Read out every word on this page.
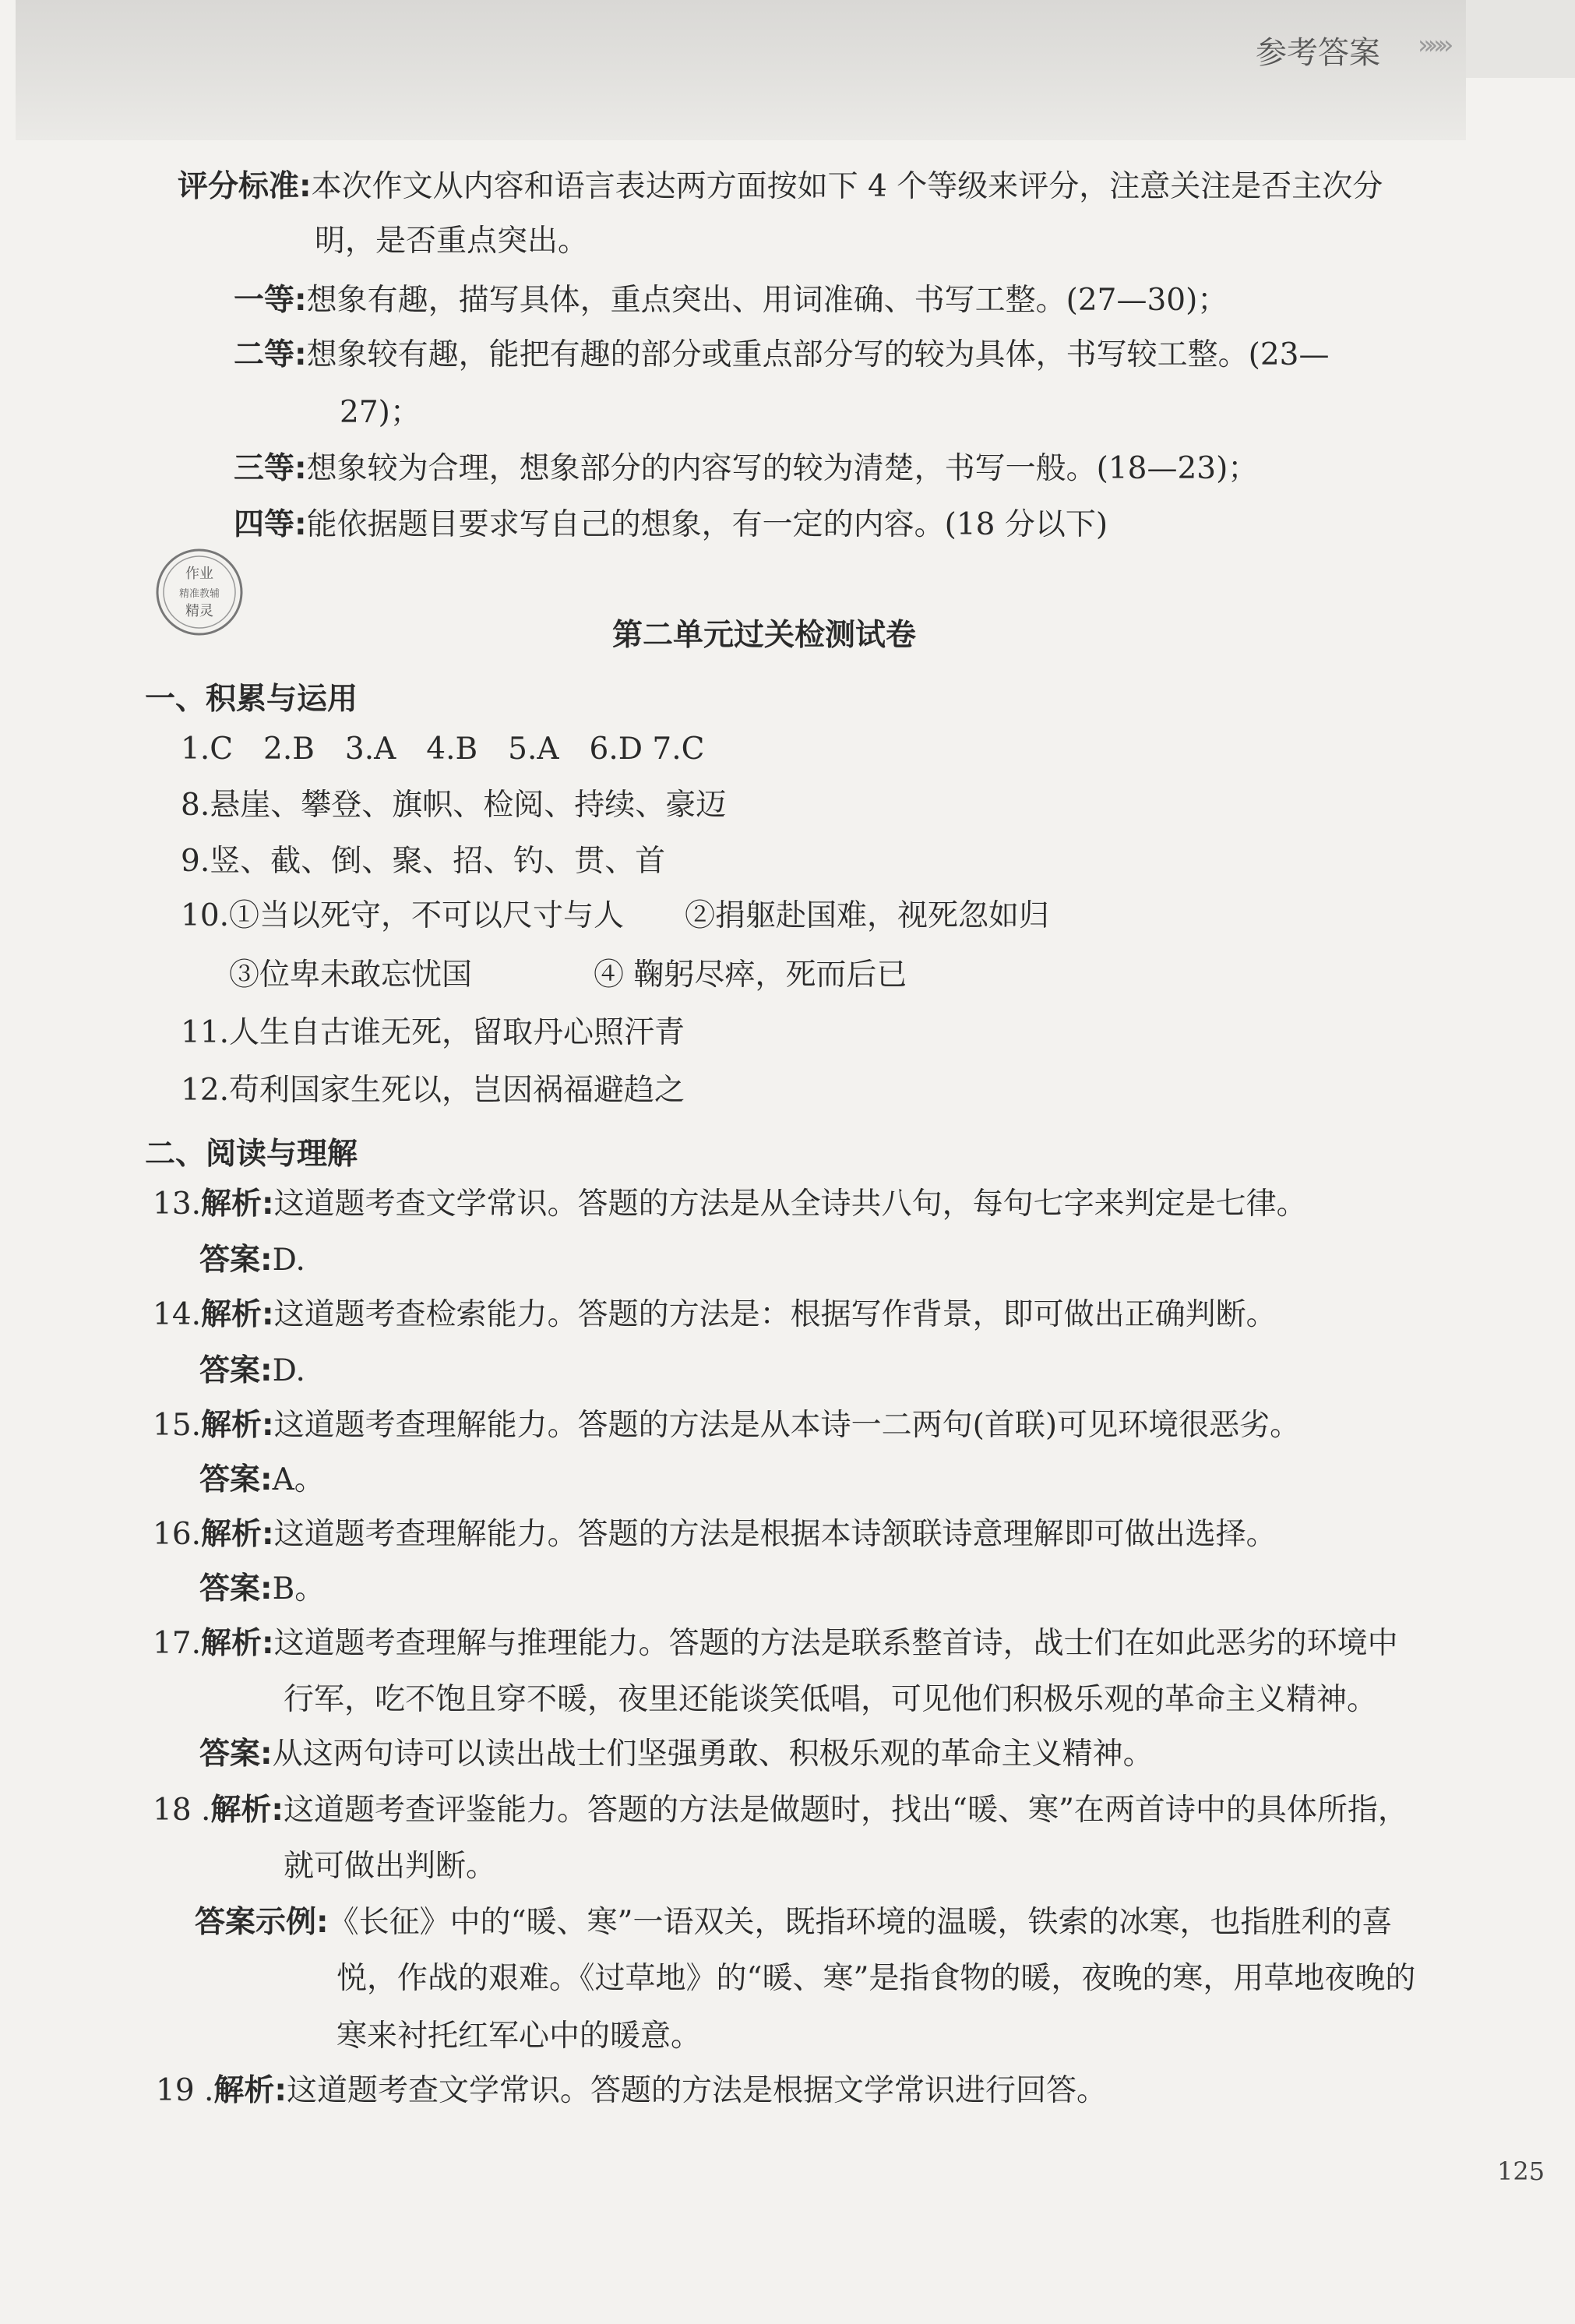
参考答案 »»»
评分标准:本次作文从内容和语言表达两方面按如下 4 个等级来评分，注意关注是否主次分
明，是否重点突出。
一等:想象有趣，描写具体，重点突出、用词准确、书写工整。(27—30)；
二等:想象较有趣，能把有趣的部分或重点部分写的较为具体，书写较工整。(23—
27)；
三等:想象较为合理，想象部分的内容写的较为清楚，书写一般。(18—23)；
四等:能依据题目要求写自己的想象，有一定的内容。(18 分以下)
作业
精准教辅
精灵
第二单元过关检测试卷
一、积累与运用
1.C　2.B　3.A　4.B　5.A　6.D 7.C
8.悬崖、攀登、旗帜、检阅、持续、豪迈
9.竖、截、倒、聚、招、钓、贯、首
10.①当以死守，不可以尺寸与人　　②捐躯赴国难，视死忽如归
③位卑未敢忘忧国　　　　④ 鞠躬尽瘁，死而后已
11.人生自古谁无死，留取丹心照汗青
12.苟利国家生死以，岂因祸福避趋之
二、阅读与理解
13.解析:这道题考查文学常识。答题的方法是从全诗共八句，每句七字来判定是七律。
答案:D.
14.解析:这道题考查检索能力。答题的方法是：根据写作背景，即可做出正确判断。
答案:D.
15.解析:这道题考查理解能力。答题的方法是从本诗一二两句(首联)可见环境很恶劣。
答案:A。
16.解析:这道题考查理解能力。答题的方法是根据本诗颔联诗意理解即可做出选择。
答案:B。
17.解析:这道题考查理解与推理能力。答题的方法是联系整首诗，战士们在如此恶劣的环境中
行军，吃不饱且穿不暖，夜里还能谈笑低唱，可见他们积极乐观的革命主义精神。
答案:从这两句诗可以读出战士们坚强勇敢、积极乐观的革命主义精神。
18 .解析:这道题考查评鉴能力。答题的方法是做题时，找出“暖、寒”在两首诗中的具体所指，
就可做出判断。
答案示例:《长征》中的“暖、寒”一语双关，既指环境的温暖，铁索的冰寒，也指胜利的喜
悦，作战的艰难。《过草地》的“暖、寒”是指食物的暖，夜晚的寒，用草地夜晚的
寒来衬托红军心中的暖意。
19 .解析:这道题考查文学常识。答题的方法是根据文学常识进行回答。
125
